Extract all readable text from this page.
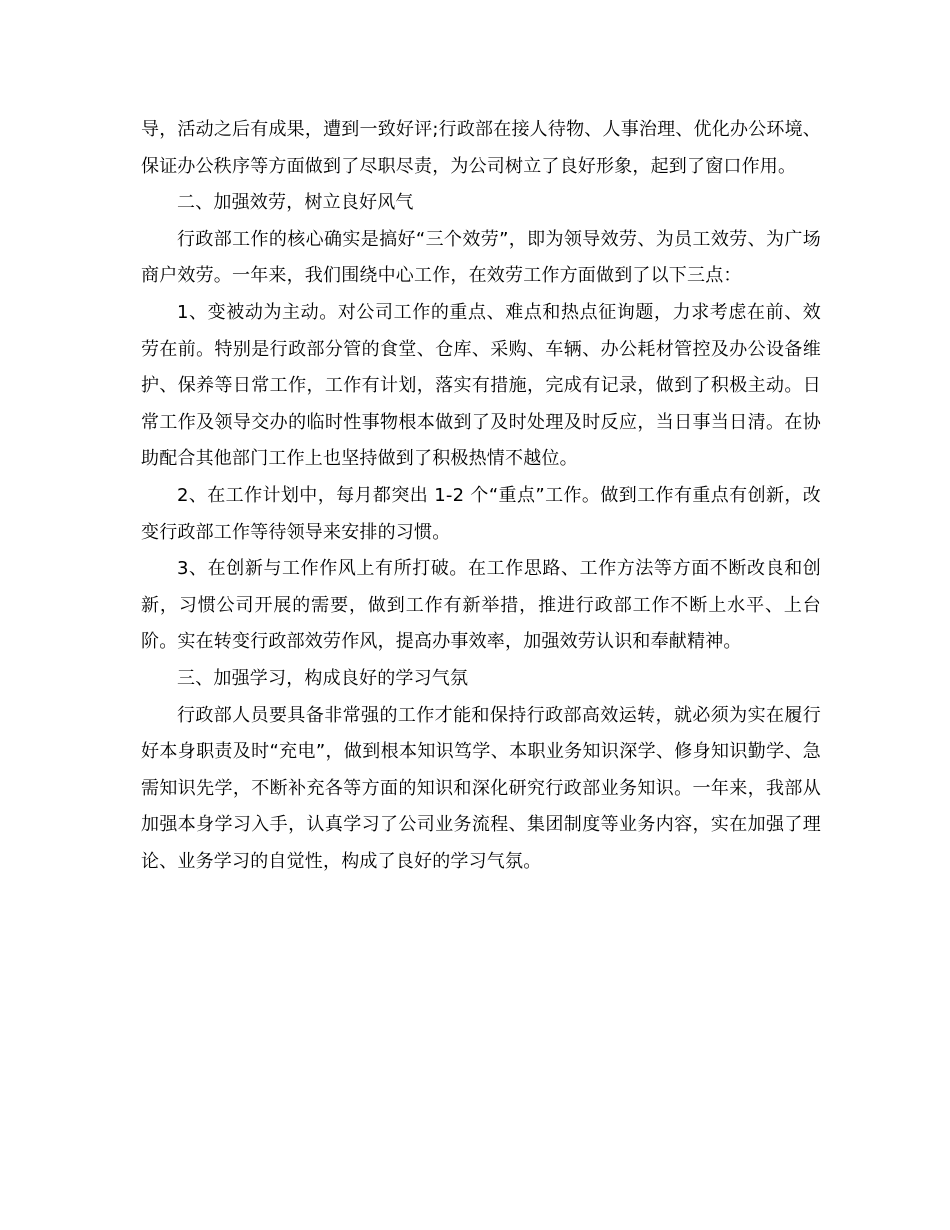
导，活动之后有成果，遭到一致好评;行政部在接人待物、人事治理、优化办公环境、保证办公秩序等方面做到了尽职尽责，为公司树立了良好形象，起到了窗口作用。

二、加强效劳，树立良好风气

行政部工作的核心确实是搞好“三个效劳”，即为领导效劳、为员工效劳、为广场商户效劳。一年来，我们围绕中心工作，在效劳工作方面做到了以下三点：

1、变被动为主动。对公司工作的重点、难点和热点征询题，力求考虑在前、效劳在前。特别是行政部分管的食堂、仓库、采购、车辆、办公耗材管控及办公设备维护、保养等日常工作，工作有计划，落实有措施，完成有记录，做到了积极主动。日常工作及领导交办的临时性事物根本做到了及时处理及时反应，当日事当日清。在协助配合其他部门工作上也坚持做到了积极热情不越位。

2、在工作计划中，每月都突出 1-2 个“重点”工作。做到工作有重点有创新，改变行政部工作等待领导来安排的习惯。

3、在创新与工作作风上有所打破。在工作思路、工作方法等方面不断改良和创新，习惯公司开展的需要，做到工作有新举措，推进行政部工作不断上水平、上台阶。实在转变行政部效劳作风，提高办事效率，加强效劳认识和奉献精神。

三、加强学习，构成良好的学习气氛

行政部人员要具备非常强的工作才能和保持行政部高效运转，就必须为实在履行好本身职责及时“充电”，做到根本知识笃学、本职业务知识深学、修身知识勤学、急需知识先学，不断补充各等方面的知识和深化研究行政部业务知识。一年来，我部从加强本身学习入手，认真学习了公司业务流程、集团制度等业务内容，实在加强了理论、业务学习的自觉性，构成了良好的学习气氛。
